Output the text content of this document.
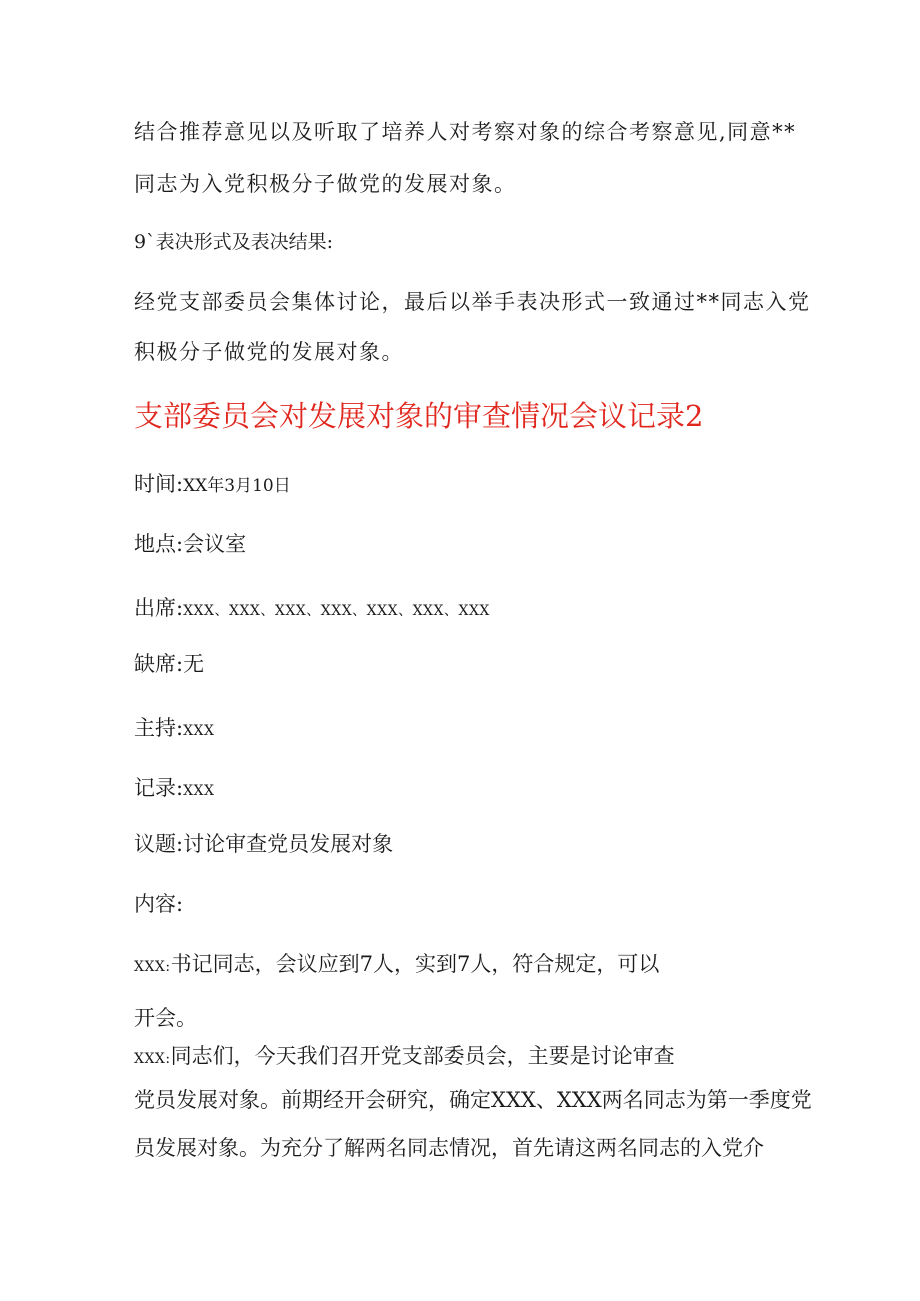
结合推荐意见以及听取了培养人对考察对象的综合考察意见,同意**
同志为入党积极分子做党的发展对象。
9`表决形式及表决结果:
经党支部委员会集体讨论，最后以举手表决形式一致通过**同志入党
积极分子做党的发展对象。
支部委员会对发展对象的审查情况会议记录2
时间:XX年3月10日
地点:会议室
出席:XXX、XXX、XXX、XXX、XXX、XXX、XXX
缺席:无
主持:XXX
记录:XXX
议题:讨论审查党员发展对象
内容:
XXX:书记同志，会议应到7人，实到7人，符合规定，可以
开会。
XXX:同志们，今天我们召开党支部委员会，主要是讨论审查
党员发展对象。前期经开会研究，确定XXX、XXX两名同志为第一季度党
员发展对象。为充分了解两名同志情况，首先请这两名同志的入党介
